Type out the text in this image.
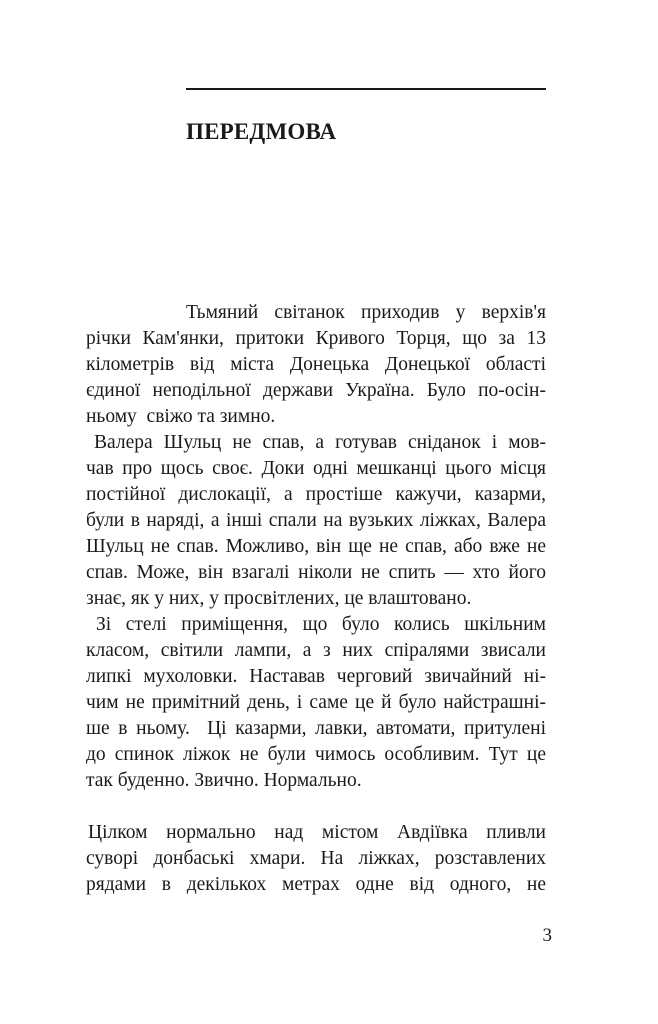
ПЕРЕДМОВА
Тьмяний світанок приходив у верхів'я
річки Кам'янки, притоки Кривого Торця, що за 13
кілометрів від міста Донецька Донецької області
єдиної неподільної держави Україна. Було по-осін-
ньому  свіжо та зимно.
Валера Шульц не спав, а готував сніданок і мов-
чав про щось своє. Доки одні мешканці цього місця
постійної дислокації, а простіше кажучи, казарми,
були в наряді, а інші спали на вузьких ліжках, Валера
Шульц не спав. Можливо, він ще не спав, або вже не
спав. Може, він взагалі ніколи не спить — хто його
знає, як у них, у просвітлених, це влаштовано.
Зі стелі приміщення, що було колись шкільним
класом, світили лампи, а з них спіралями звисали
липкі мухоловки. Наставав черговий звичайний ні-
чим не примітний день, і саме це й було найстрашні-
ше в ньому.  Ці казарми, лавки, автомати, притулені
до спинок ліжок не були чимось особливим. Тут це
так буденно. Звично. Нормально.
Цілком нормально над містом Авдіївка пливли
суворі донбаські хмари. На ліжках, розставлених
рядами в декількох метрах одне від одного, не
3
